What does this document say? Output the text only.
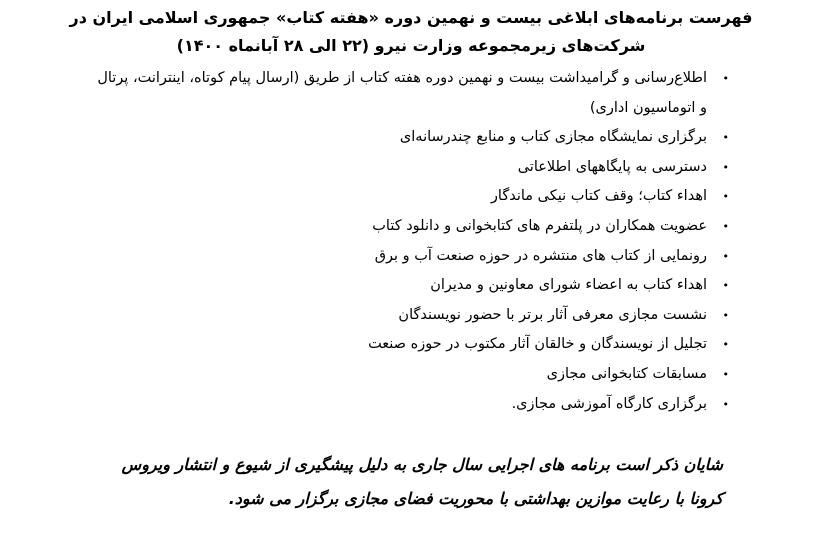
فهرست برنامه‌های ابلاغی بیست و نهمین دوره «هفته کتاب» جمهوری اسلامی ایران در
شرکت‌های زیرمجموعه وزارت نیرو (۲۲ الی ۲۸ آبانماه ۱۴۰۰)
•
اطلاع‌رسانی و گرامیداشت بیست و نهمین دوره هفته کتاب از طریق (ارسال پیام کوتاه، اینترانت، پرتال و اتوماسیون اداری)
•
برگزاری نمایشگاه مجازی کتاب و منابع چندرسانه‌ای
•
دسترسی به پایگاههای اطلاعاتی
•
اهداء کتاب؛ وقف کتاب نیکی ماندگار
•
عضویت همکاران در پلتفرم های کتابخوانی و دانلود کتاب
•
رونمایی از کتاب های منتشره در حوزه صنعت آب و برق
•
اهداء کتاب به اعضاء شورای معاونین و مدیران
•
نشست مجازی معرفی آثار برتر با حضور نویسندگان
•
تجلیل از نویسندگان و خالقان آثار مکتوب در حوزه صنعت
•
مسابقات کتابخوانی مجازی
•
برگزاری کارگاه آموزشی مجازی.

شایان ذکر است برنامه های اجرایی سال جاری به دلیل پیشگیری از شیوع و انتشار ویروس
کرونا با رعایت موازین بهداشتی با محوریت فضای مجازی برگزار می شود.
